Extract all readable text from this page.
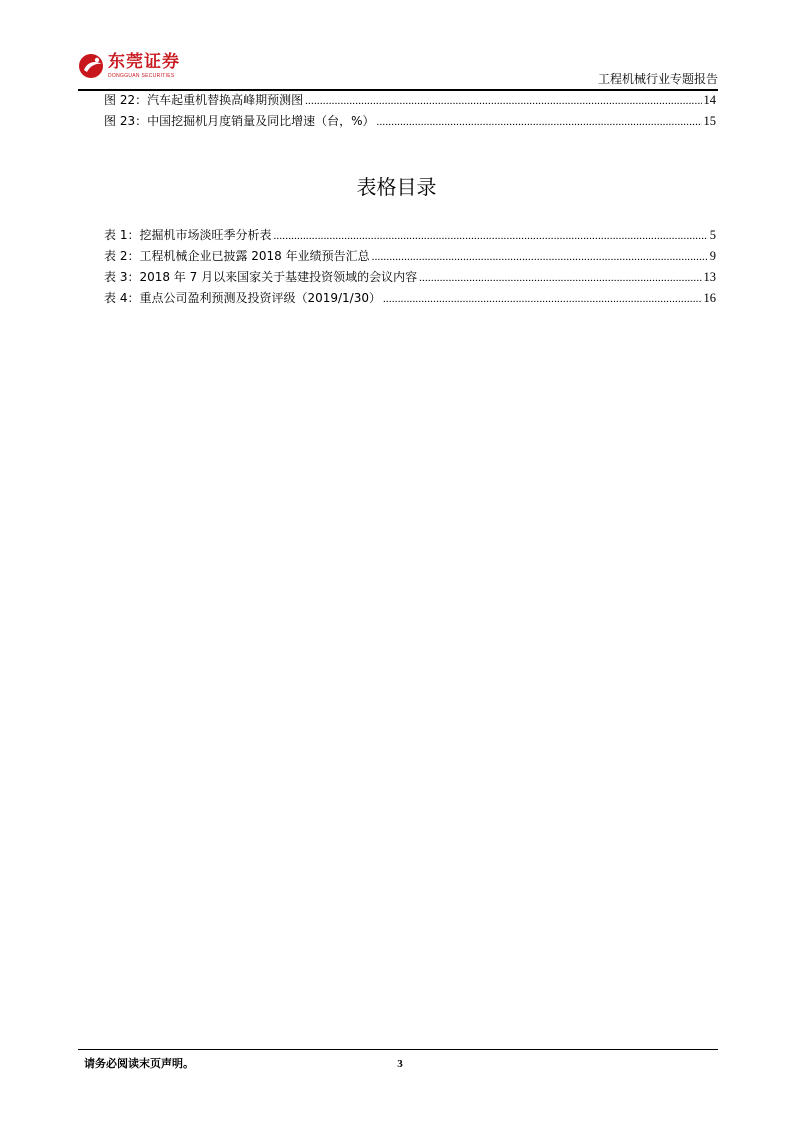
东莞证券
DONGGUAN SECURITIES	工程机械行业专题报告
图 22：汽车起重机替换高峰期预测图 .....	14
图 23：中国挖掘机月度销量及同比增速（台，%） .....	15
表格目录
表 1：挖掘机市场淡旺季分析表 .....	5
表 2：工程机械企业已披露 2018 年业绩预告汇总 .....	9
表 3：2018 年 7 月以来国家关于基建投资领域的会议内容 .....	13
表 4：重点公司盈利预测及投资评级（2019/1/30） .....	16
请务必阅读末页声明。	3
